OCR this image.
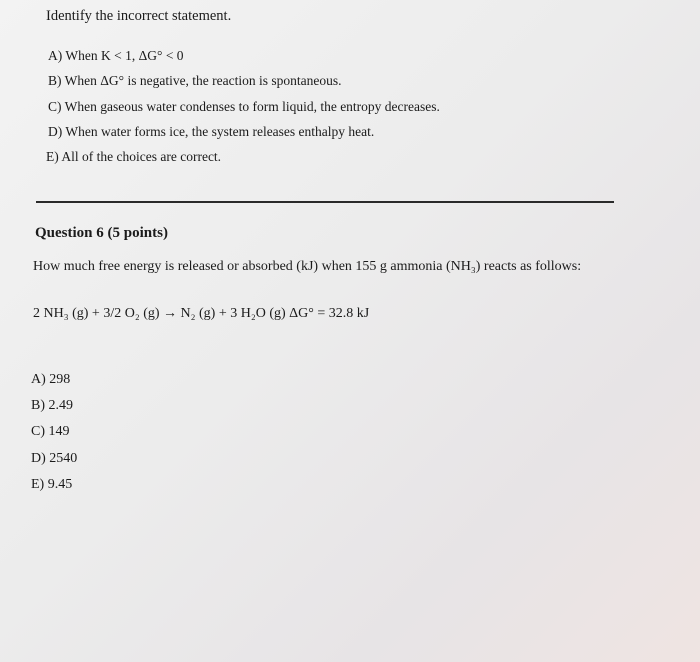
​
Identify the incorrect statement.
A) When K < 1, ΔG° < 0
B) When ΔG° is negative, the reaction is spontaneous.
C) When gaseous water condenses to form liquid, the entropy decreases.
D) When water forms ice, the system releases enthalpy heat.
E) All of the choices are correct.
Question 6 (5 points)
How much free energy is released or absorbed (kJ) when 155 g ammonia (NH₃) reacts as follows:
2 NH₃ (g) + 3/2 O₂ (g) → N₂ (g) + 3 H₂O (g) ΔG° = 32.8 kJ
A) 298
B) 2.49
C) 149
D) 2540
E) 9.45
